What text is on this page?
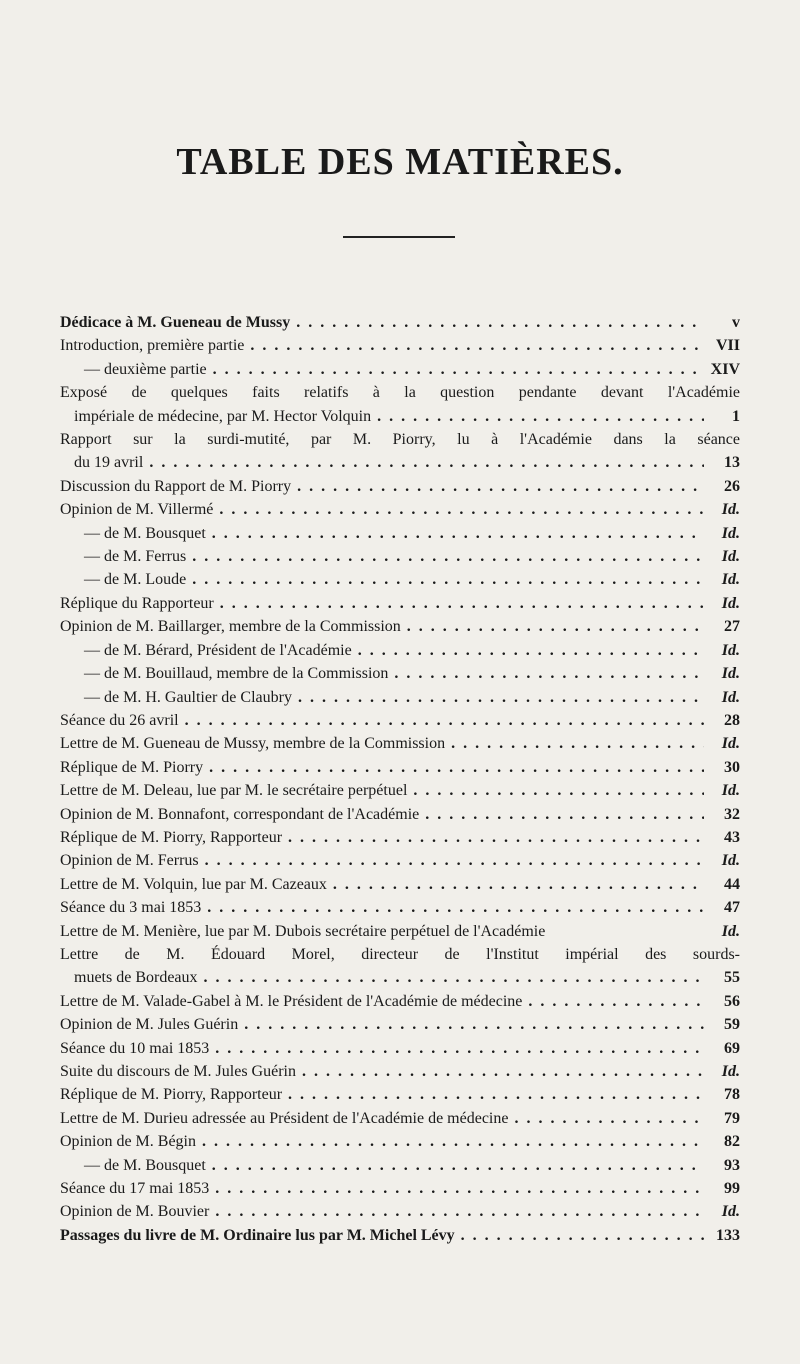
TABLE DES MATIÈRES.
Dédicace à M. Gueneau de Mussy . . .	v
Introduction, première partie . . .	VII
— deuxième partie . . .	XIV
Exposé de quelques faits relatifs à la question pendante devant l'Académie
impériale de médecine, par M. Hector Volquin . . .	1
Rapport sur la surdi-mutité, par M. Piorry, lu à l'Académie dans la séance
du 19 avril . . .	13
Discussion du Rapport de M. Piorry . . .	26
Opinion de M. Villermé . . .	Id.
— de M. Bousquet . . .	Id.
— de M. Ferrus . . .	Id.
— de M. Loude . . .	Id.
Réplique du Rapporteur . . .	Id.
Opinion de M. Baillarger, membre de la Commission . . .	27
— de M. Bérard, Président de l'Académie . . .	Id.
— de M. Bouillaud, membre de la Commission . . .	Id.
— de M. H. Gaultier de Claubry . . .	Id.
Séance du 26 avril . . .	28
Lettre de M. Gueneau de Mussy, membre de la Commission . . .	Id.
Réplique de M. Piorry . . .	30
Lettre de M. Deleau, lue par M. le secrétaire perpétuel . . .	Id.
Opinion de M. Bonnafont, correspondant de l'Académie . . .	32
Réplique de M. Piorry, Rapporteur . . .	43
Opinion de M. Ferrus . . .	Id.
Lettre de M. Volquin, lue par M. Cazeaux . . .	44
Séance du 3 mai 1853 . . .	47
Lettre de M. Menière, lue par M. Dubois secrétaire perpétuel de l'Académie	Id.
Lettre de M. Édouard Morel, directeur de l'Institut impérial des sourds-
muets de Bordeaux . . .	55
Lettre de M. Valade-Gabel à M. le Président de l'Académie de médecine . . .	56
Opinion de M. Jules Guérin . . .	59
Séance du 10 mai 1853 . . .	69
Suite du discours de M. Jules Guérin . . .	Id.
Réplique de M. Piorry, Rapporteur . . .	78
Lettre de M. Durieu adressée au Président de l'Académie de médecine . . .	79
Opinion de M. Bégin . . .	82
— de M. Bousquet . . .	93
Séance du 17 mai 1853 . . .	99
Opinion de M. Bouvier . . .	Id.
Passages du livre de M. Ordinaire lus par M. Michel Lévy . . .	133
